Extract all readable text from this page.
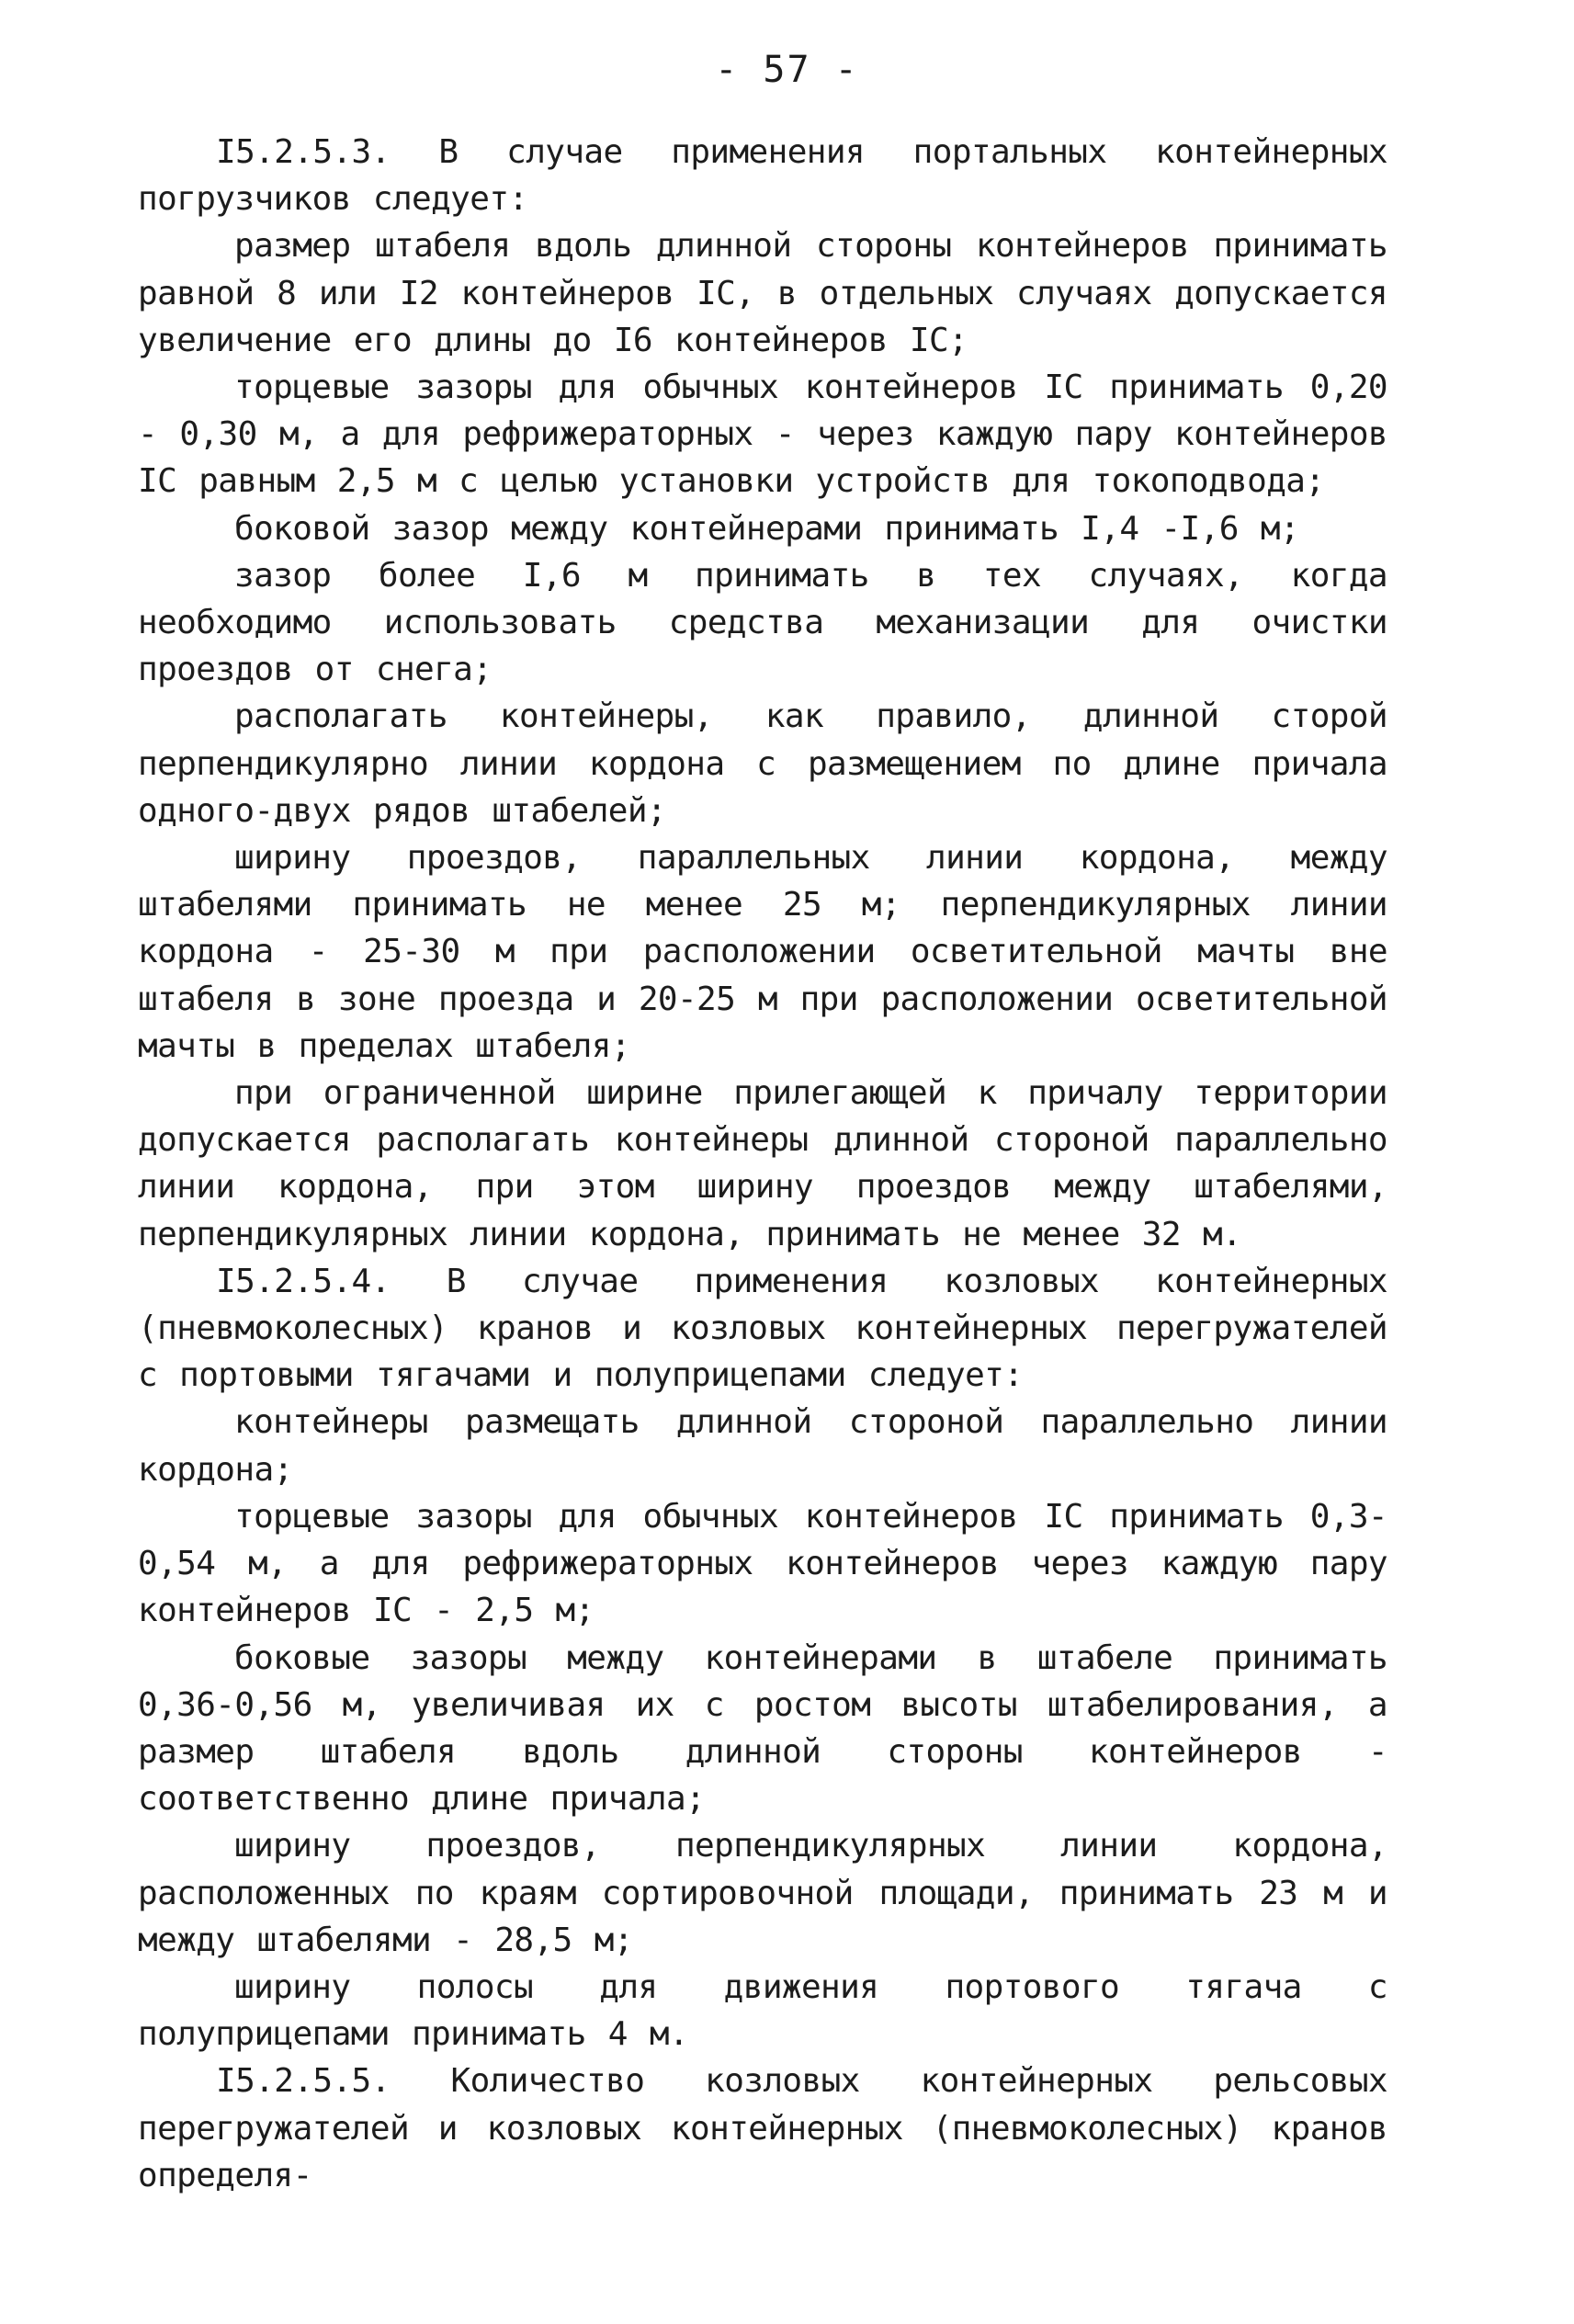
- 57 -

I5.2.5.3. В случае применения портальных контейнерных погрузчиков следует:

размер штабеля вдоль длинной стороны контейнеров принимать равной 8 или I2 контейнеров IC, в отдельных случаях допускается увеличение его длины до I6 контейнеров IC;

торцевые зазоры для обычных контейнеров IC принимать 0,20 - 0,30 м, а для рефрижераторных - через каждую пару контейнеров IC равным 2,5 м с целью установки устройств для токоподвода;

боковой зазор между контейнерами принимать I,4 -I,6 м;

зазор более I,6 м принимать в тех случаях, когда необходимо использовать средства механизации для очистки проездов от снега;

располагать контейнеры, как правило, длинной сторой перпендикулярно линии кордона с размещением по длине причала одного-двух рядов штабелей;

ширину проездов, параллельных линии кордона, между штабелями принимать не менее 25 м; перпендикулярных линии кордона - 25-30 м при расположении осветительной мачты вне штабеля в зоне проезда и 20-25 м при расположении осветительной мачты в пределах штабеля;

при ограниченной ширине прилегающей к причалу территории допускается располагать контейнеры длинной стороной параллельно линии кордона, при этом ширину проездов между штабелями, перпендикулярных линии кордона, принимать не менее 32 м.

I5.2.5.4. В случае применения козловых контейнерных (пневмоколесных) кранов и козловых контейнерных перегружателей с портовыми тягачами и полуприцепами следует:

контейнеры размещать длинной стороной параллельно линии кордона;

торцевые зазоры для обычных контейнеров IC принимать 0,3-0,54 м, а для рефрижераторных контейнеров через каждую пару контейнеров IC - 2,5 м;

боковые зазоры между контейнерами в штабеле принимать 0,36-0,56 м, увеличивая их с ростом высоты штабелирования, а размер штабеля вдоль длинной стороны контейнеров - соответственно длине причала;

ширину проездов, перпендикулярных линии кордона, расположенных по краям сортировочной площади, принимать 23 м и между штабелями - 28,5 м;

ширину полосы для движения портового тягача с полуприцепами принимать 4 м.

I5.2.5.5. Количество козловых контейнерных рельсовых перегружателей и козловых контейнерных (пневмоколесных) кранов определя-
